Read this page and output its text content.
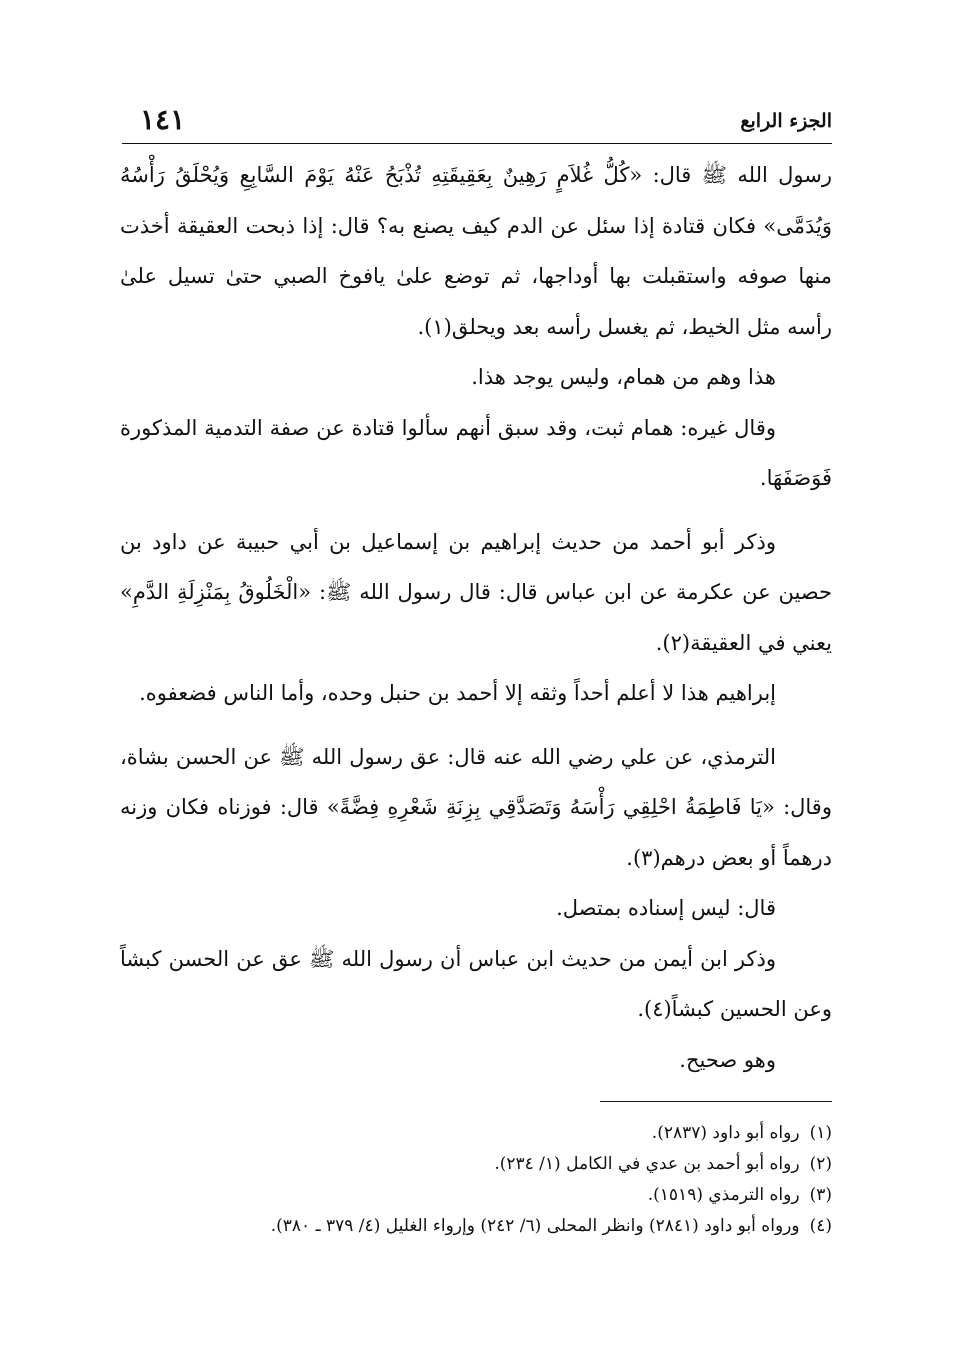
١٤١	الجزء الرابع

رسول الله ﷺ قال: «كُلُّ غُلاَمٍ رَهِينٌ بِعَقِيقَتِهِ تُذْبَحُ عَنْهُ يَوْمَ السَّابِعِ وَيُحْلَقُ رَأْسُهُ وَيُدَمَّى» فكان قتادة إذا سئل عن الدم كيف يصنع به؟ قال: إذا ذبحت العقيقة أخذت منها صوفه واستقبلت بها أوداجها، ثم توضع علىٰ يافوخ الصبي حتىٰ تسيل علىٰ رأسه مثل الخيط، ثم يغسل رأسه بعد ويحلق(١).

هذا وهم من همام، وليس يوجد هذا.

وقال غيره: همام ثبت، وقد سبق أنهم سألوا قتادة عن صفة التدمية المذكورة فَوَصَفَهَا.

وذكر أبو أحمد من حديث إبراهيم بن إسماعيل بن أبي حبيبة عن داود بن حصين عن عكرمة عن ابن عباس قال: قال رسول الله ﷺ: «الْخَلُوقُ بِمَنْزِلَةِ الدَّمِ» يعني في العقيقة(٢).

إبراهيم هذا لا أعلم أحداً وثقه إلا أحمد بن حنبل وحده، وأما الناس فضعفوه.

الترمذي، عن علي رضي الله عنه قال: عق رسول الله ﷺ عن الحسن بشاة، وقال: «يَا فَاطِمَةُ احْلِقِي رَأْسَهُ وَتَصَدَّقِي بِزِنَةِ شَعْرِهِ فِضَّةً» قال: فوزناه فكان وزنه درهماً أو بعض درهم(٣).

قال: ليس إسناده بمتصل.

وذكر ابن أيمن من حديث ابن عباس أن رسول الله ﷺ عق عن الحسن كبشاً وعن الحسين كبشاً(٤).

وهو صحيح.

(١)رواه أبو داود (٢٨٣٧).

(٢)رواه أبو أحمد بن عدي في الكامل (١/ ٢٣٤).

(٣)رواه الترمذي (١٥١٩).

(٤)ورواه أبو داود (٢٨٤١) وانظر المحلى (٦/ ٢٤٢) وإرواء الغليل (٤/ ٣٧٩ ـ ٣٨٠).
